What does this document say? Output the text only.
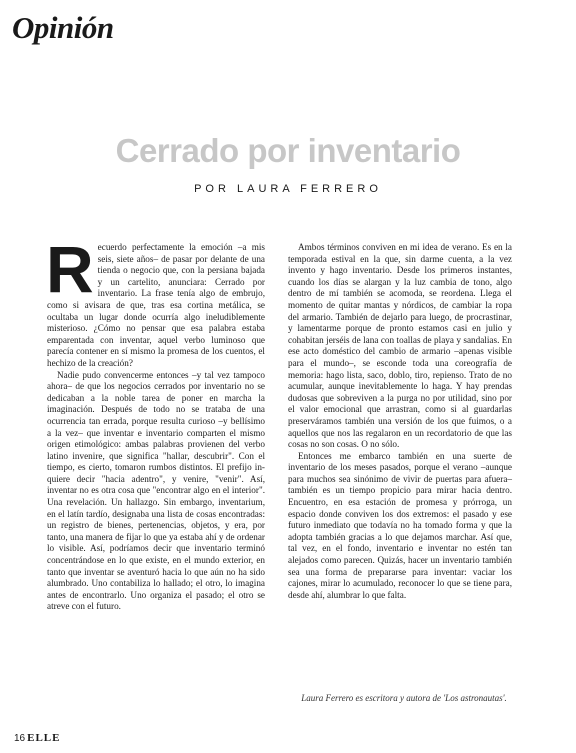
Opinión
Cerrado por inventario
POR LAURA FERRERO

Recuerdo perfectamente la emoción –a mis seis, siete años– de pasar por delante de una tienda o negocio que, con la persiana bajada y un cartelito, anunciara: Cerrado por inventario. La frase tenía algo de embrujo, como si avisara de que, tras esa cortina metálica, se ocultaba un lugar donde ocurría algo ineludiblemente misterioso. ¿Cómo no pensar que esa palabra estaba emparentada con inventar, aquel verbo luminoso que parecía contener en sí mismo la promesa de los cuentos, el hechizo de la creación?

Nadie pudo convencerme entonces –y tal vez tampoco ahora– de que los negocios cerrados por inventario no se dedicaban a la noble tarea de poner en marcha la imaginación. Después de todo no se trataba de una ocurrencia tan errada, porque resulta curioso –y bellísimo a la vez– que inventar e inventario comparten el mismo origen etimológico: ambas palabras provienen del verbo latino invenire, que significa "hallar, descubrir". Con el tiempo, es cierto, tomaron rumbos distintos. El prefijo in- quiere decir "hacia adentro", y venire, "venir". Así, inventar no es otra cosa que "encontrar algo en el interior". Una revelación. Un hallazgo. Sin embargo, inventarium, en el latín tardío, designaba una lista de cosas encontradas: un registro de bienes, pertenencias, objetos, y era, por tanto, una manera de fijar lo que ya estaba ahí y de ordenar lo visible. Así, podríamos decir que inventario terminó concentrándose en lo que existe, en el mundo exterior, en tanto que inventar se aventuró hacia lo que aún no ha sido alumbrado. Uno contabiliza lo hallado; el otro, lo imagina antes de encontrarlo. Uno organiza el pasado; el otro se atreve con el futuro.

Ambos términos conviven en mi idea de verano. Es en la temporada estival en la que, sin darme cuenta, a la vez invento y hago inventario. Desde los primeros instantes, cuando los días se alargan y la luz cambia de tono, algo dentro de mí también se acomoda, se reordena. Llega el momento de quitar mantas y nórdicos, de cambiar la ropa del armario. También de dejarlo para luego, de procrastinar, y lamentarme porque de pronto estamos casi en julio y cohabitan jerséis de lana con toallas de playa y sandalias. En ese acto doméstico del cambio de armario –apenas visible para el mundo–, se esconde toda una coreografía de memoria: hago lista, saco, doblo, tiro, repienso. Trato de no acumular, aunque inevitablemente lo haga. Y hay prendas dudosas que sobreviven a la purga no por utilidad, sino por el valor emocional que arrastran, como si al guardarlas preserváramos también una versión de los que fuimos, o a aquellos que nos las regalaron en un recordatorio de que las cosas no son cosas. O no sólo.

Entonces me embarco también en una suerte de inventario de los meses pasados, porque el verano –aunque para muchos sea sinónimo de vivir de puertas para afuera– también es un tiempo propicio para mirar hacia dentro. Encuentro, en esa estación de promesa y prórroga, un espacio donde conviven los dos extremos: el pasado y ese futuro inmediato que todavía no ha tomado forma y que la adopta también gracias a lo que dejamos marchar. Así que, tal vez, en el fondo, inventario e inventar no estén tan alejados como parecen. Quizás, hacer un inventario también sea una forma de prepararse para inventar: vaciar los cajones, mirar lo acumulado, reconocer lo que se tiene para, desde ahí, alumbrar lo que falta.

Laura Ferrero es escritora y autora de 'Los astronautas'.
16 ELLE
